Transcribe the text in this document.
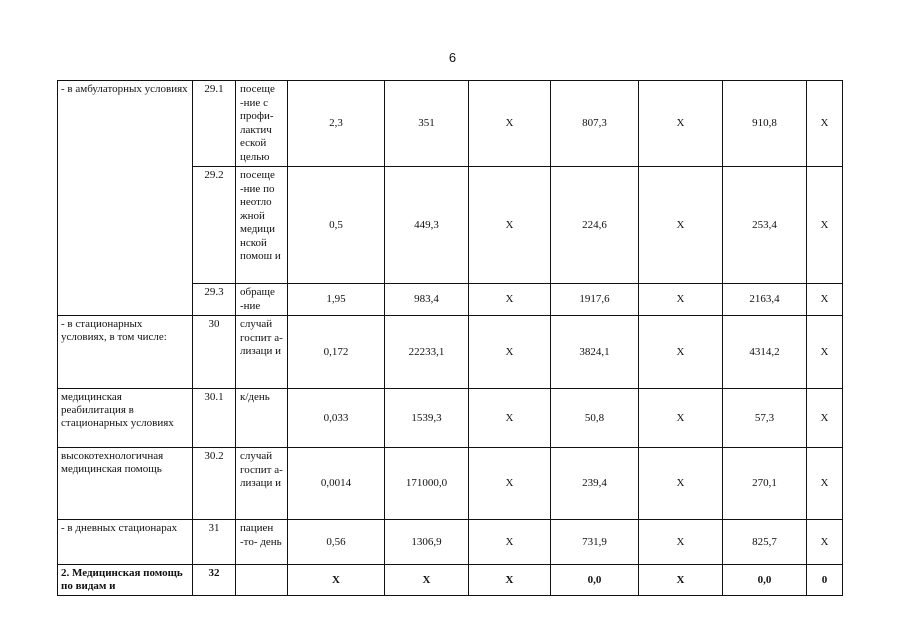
6
- в амбулаторных условиях	29.1	посеще -ние с профи- лактич еской целью	2,3	351	X	807,3	X	910,8	X
	29.2	посеще -ние по неотло жной медици нской помош и	0,5	449,3	X	224,6	X	253,4	X
	29.3	обраще -ние	1,95	983,4	X	1917,6	X	2163,4	X
- в стационарных условиях, в том числе:	30	случай госпит а- лизаци и	0,172	22233,1	X	3824,1	X	4314,2	X
медицинская реабилитация в стационарных условиях	30.1	к/день	0,033	1539,3	X	50,8	X	57,3	X
высокотехнологичная медицинская помощь	30.2	случай госпит а- лизаци и	0,0014	171000,0	X	239,4	X	270,1	X
- в дневных стационарах	31	пациен -то- день	0,56	1306,9	X	731,9	X	825,7	X
2. Медицинская помощь по видам и	32		X	X	X	0,0	X	0,0	0
